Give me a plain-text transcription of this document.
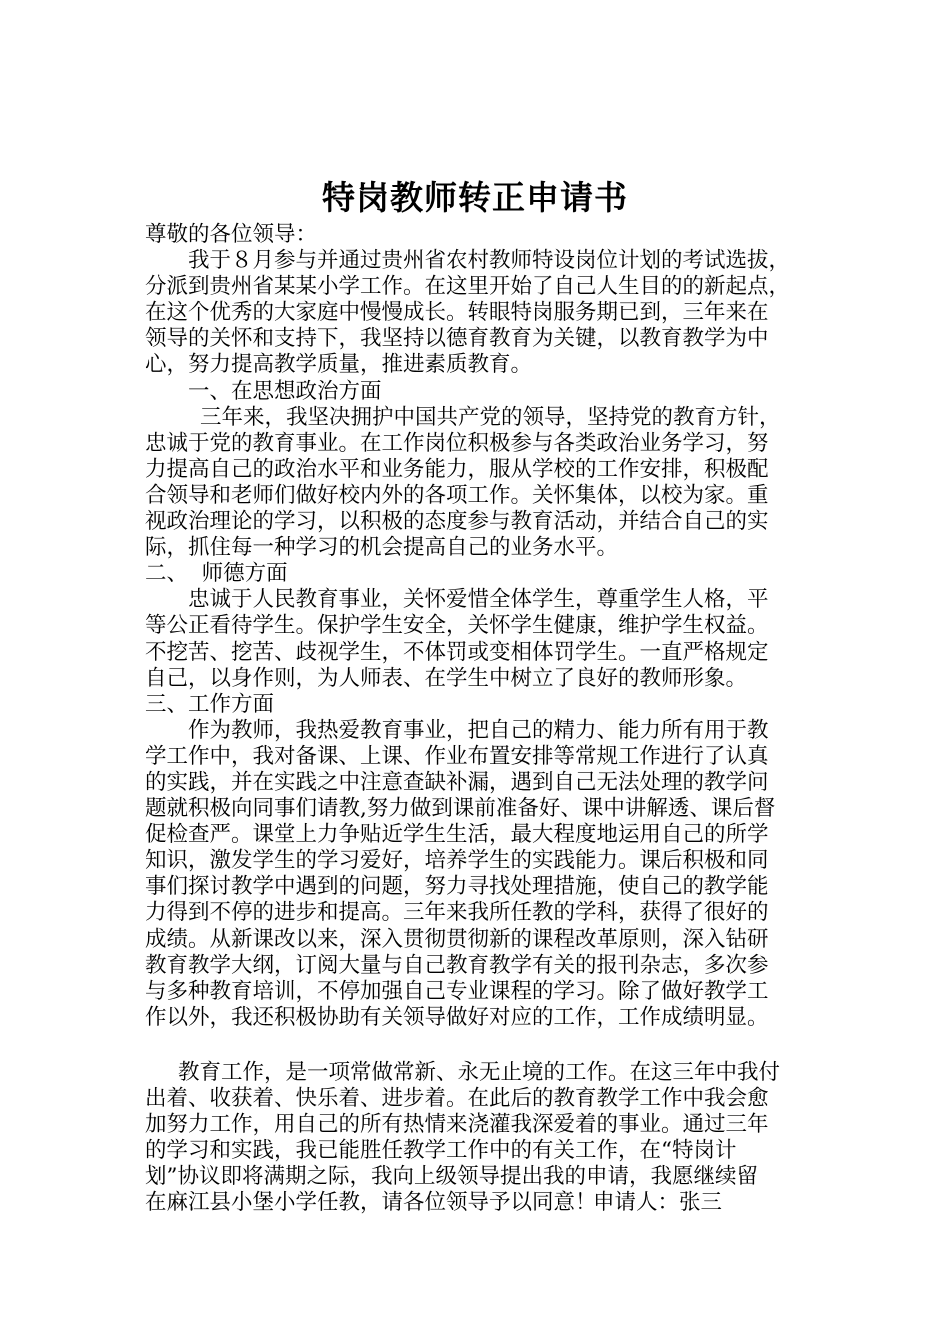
特岗教师转正申请书
尊敬的各位领导：
我于８月参与并通过贵州省农村教师特设岗位计划的考试选拔，
分派到贵州省某某小学工作。在这里开始了自己人生目的的新起点，
在这个优秀的大家庭中慢慢成长。转眼特岗服务期已到，三年来在
领导的关怀和支持下，我坚持以德育教育为关键，以教育教学为中
心，努力提高教学质量，推进素质教育。
一、在思想政治方面
三年来，我坚决拥护中国共产党的领导，坚持党的教育方针，
忠诚于党的教育事业。在工作岗位积极参与各类政治业务学习，努
力提高自己的政治水平和业务能力，服从学校的工作安排，积极配
合领导和老师们做好校内外的各项工作。关怀集体，以校为家。重
视政治理论的学习，以积极的态度参与教育活动，并结合自己的实
际，抓住每一种学习的机会提高自己的业务水平。
二、  师德方面
忠诚于人民教育事业，关怀爱惜全体学生，尊重学生人格，平
等公正看待学生。保护学生安全，关怀学生健康，维护学生权益。
不挖苦、挖苦、歧视学生，不体罚或变相体罚学生。一直严格规定
自己，以身作则，为人师表、在学生中树立了良好的教师形象。
三、工作方面
作为教师，我热爱教育事业，把自己的精力、能力所有用于教
学工作中，我对备课、上课、作业布置安排等常规工作进行了认真
的实践，并在实践之中注意查缺补漏，遇到自己无法处理的教学问
题就积极向同事们请教,努力做到课前准备好、课中讲解透、课后督
促检查严。课堂上力争贴近学生生活，最大程度地运用自己的所学
知识，激发学生的学习爱好，培养学生的实践能力。课后积极和同
事们探讨教学中遇到的问题，努力寻找处理措施，使自己的教学能
力得到不停的进步和提高。三年来我所任教的学科，获得了很好的
成绩。从新课改以来，深入贯彻贯彻新的课程改革原则，深入钻研
教育教学大纲，订阅大量与自己教育教学有关的报刊杂志，多次参
与多种教育培训，不停加强自己专业课程的学习。除了做好教学工
作以外，我还积极协助有关领导做好对应的工作，工作成绩明显。
教育工作，是一项常做常新、永无止境的工作。在这三年中我付
出着、收获着、快乐着、进步着。在此后的教育教学工作中我会愈
加努力工作，用自己的所有热情来浇灌我深爱着的事业。通过三年
的学习和实践，我已能胜任教学工作中的有关工作，在“特岗计
划”协议即将满期之际，我向上级领导提出我的申请，我愿继续留
在麻江县小堡小学任教，请各位领导予以同意！
申请人：张三
